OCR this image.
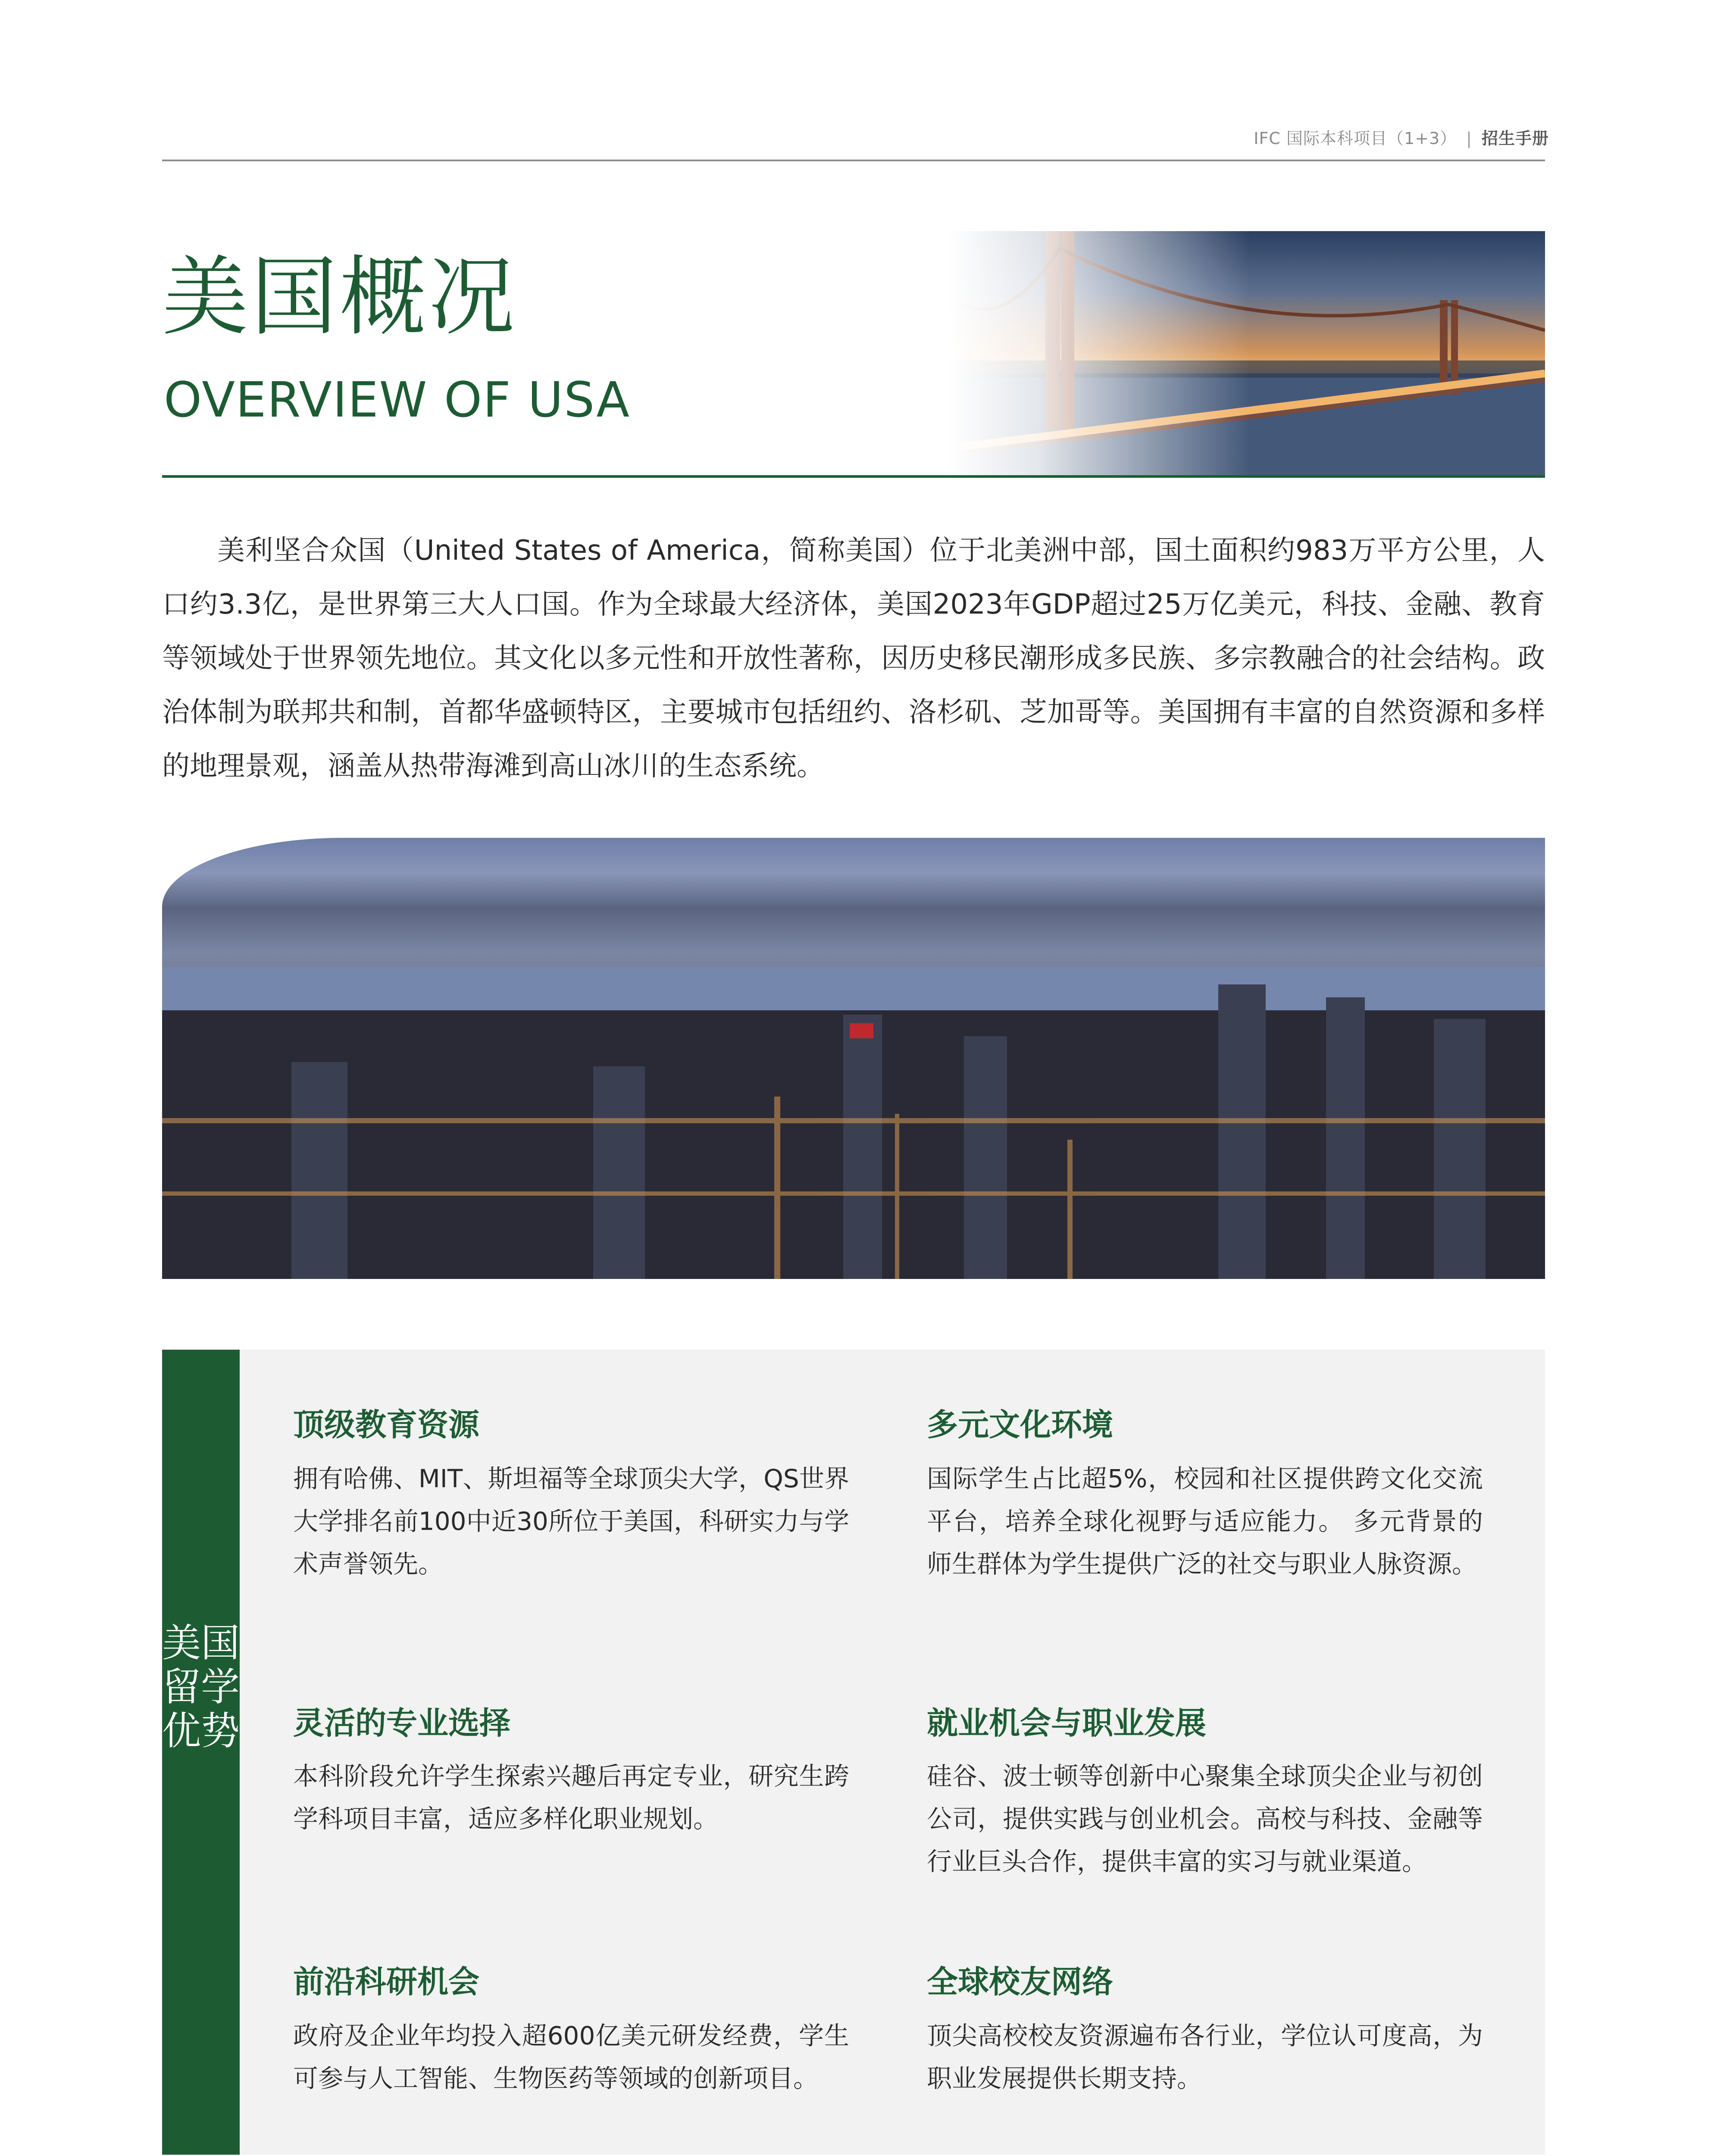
IFC 国际本科项目（1+3） | 招生手册
美国概况
OVERVIEW OF USA
美利坚合众国（United States of America，简称美国）位于北美洲中部，国土面积约983万平方公里，人口约3.3亿，是世界第三大人口国。作为全球最大经济体，美国2023年GDP超过25万亿美元，科技、金融、教育等领域处于世界领先地位。其文化以多元性和开放性著称，因历史移民潮形成多民族、多宗教融合的社会结构。政治体制为联邦共和制，首都华盛顿特区，主要城市包括纽约、洛杉矶、芝加哥等。美国拥有丰富的自然资源和多样的地理景观，涵盖从热带海滩到高山冰川的生态系统。
美国留学优势
顶级教育资源
拥有哈佛、MIT、斯坦福等全球顶尖大学，QS世界大学排名前100中近30所位于美国，科研实力与学术声誉领先。
多元文化环境
国际学生占比超5%，校园和社区提供跨文化交流平台，培养全球化视野与适应能力。 多元背景的师生群体为学生提供广泛的社交与职业人脉资源。
灵活的专业选择
本科阶段允许学生探索兴趣后再定专业，研究生跨学科项目丰富，适应多样化职业规划。
就业机会与职业发展
硅谷、波士顿等创新中心聚集全球顶尖企业与初创公司，提供实践与创业机会。高校与科技、金融等行业巨头合作，提供丰富的实习与就业渠道。
前沿科研机会
政府及企业年均投入超600亿美元研发经费，学生可参与人工智能、生物医药等领域的创新项目。
全球校友网络
顶尖高校校友资源遍布各行业，学位认可度高，为职业发展提供长期支持。
